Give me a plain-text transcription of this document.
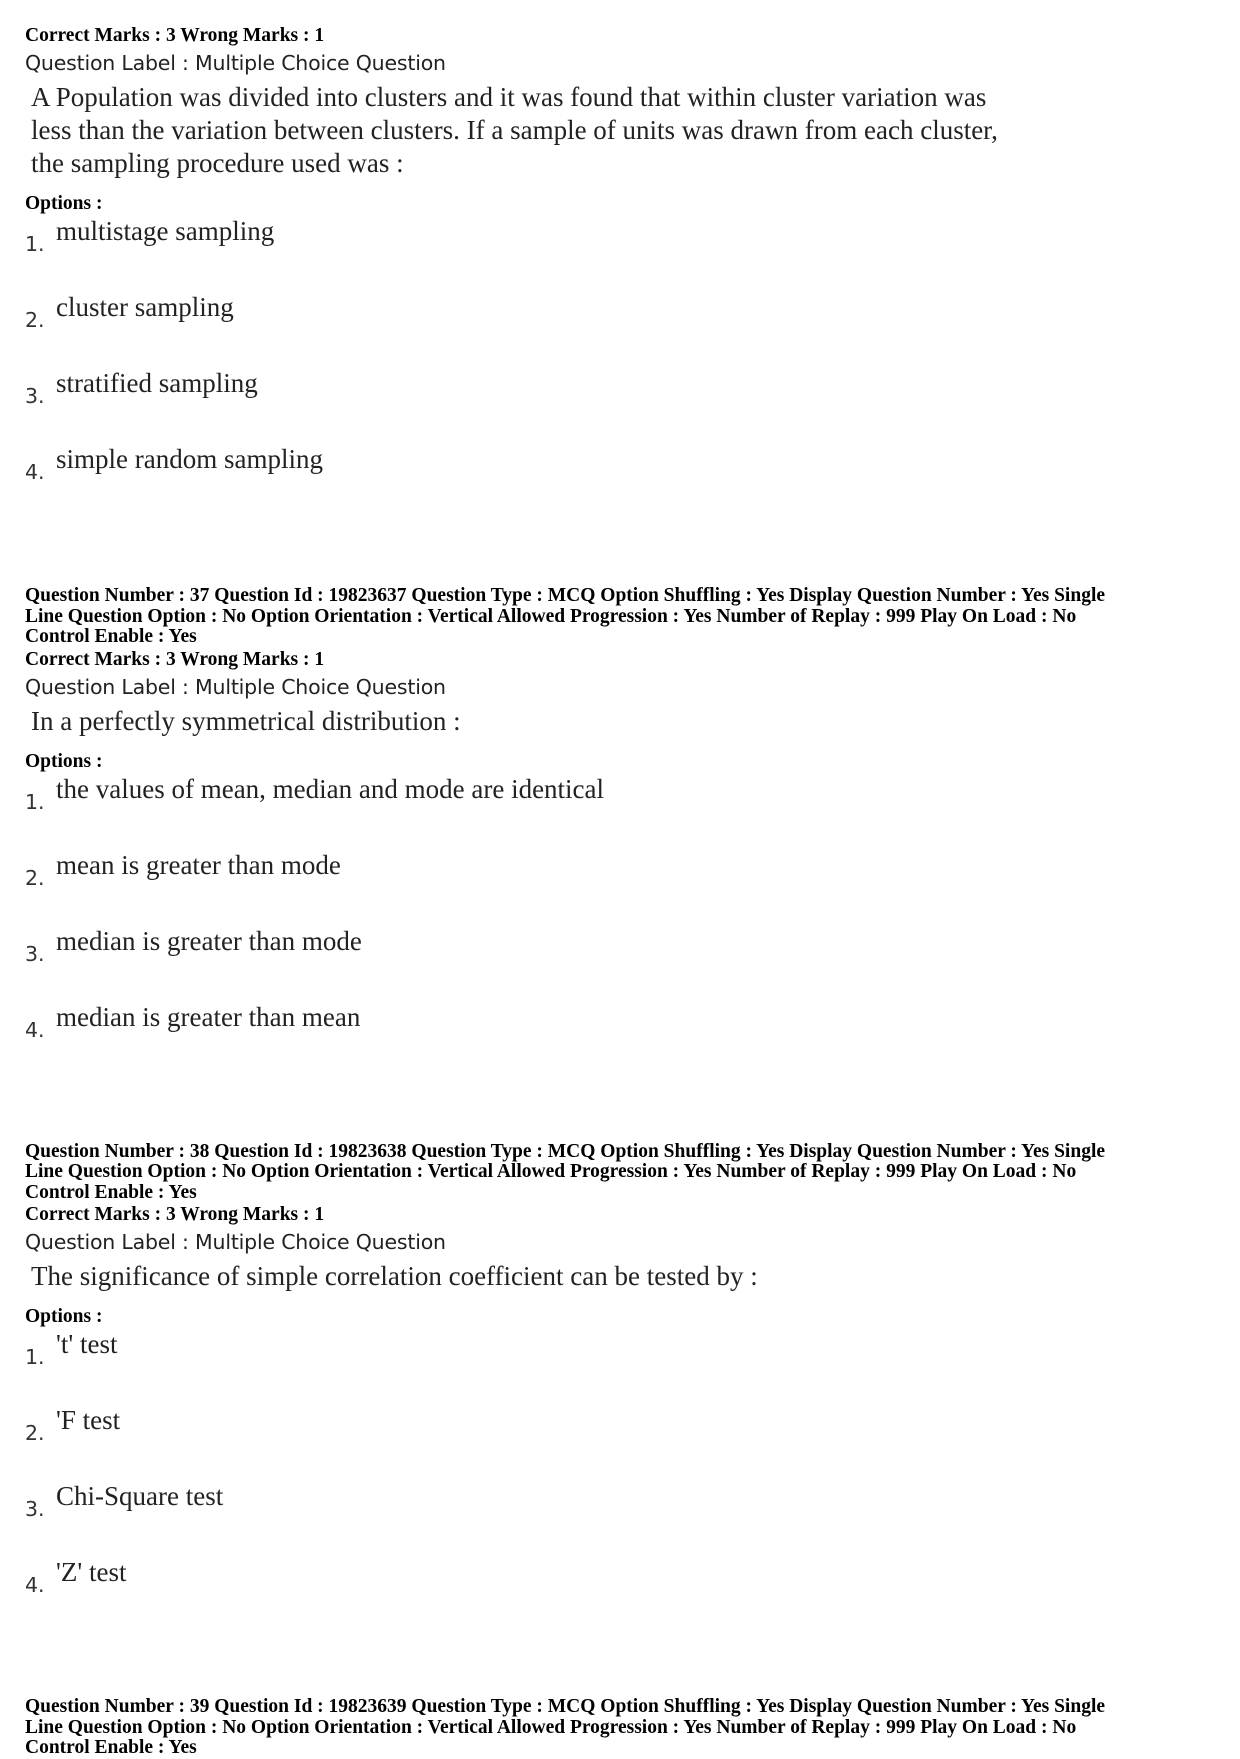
Correct Marks : 3 Wrong Marks : 1
Question Label : Multiple Choice Question
A Population was divided into clusters and it was found that within cluster variation was
less than the variation between clusters. If a sample of units was drawn from each cluster,
the sampling procedure used was :
Options :
1. multistage sampling
2. cluster sampling
3. stratified sampling
4. simple random sampling
Question Number : 37 Question Id : 19823637 Question Type : MCQ Option Shuffling : Yes Display Question Number : Yes Single
Line Question Option : No Option Orientation : Vertical Allowed Progression : Yes Number of Replay : 999 Play On Load : No
Control Enable : Yes
Correct Marks : 3 Wrong Marks : 1
Question Label : Multiple Choice Question
In a perfectly symmetrical distribution :
Options :
1. the values of mean, median and mode are identical
2. mean is greater than mode
3. median is greater than mode
4. median is greater than mean
Question Number : 38 Question Id : 19823638 Question Type : MCQ Option Shuffling : Yes Display Question Number : Yes Single
Line Question Option : No Option Orientation : Vertical Allowed Progression : Yes Number of Replay : 999 Play On Load : No
Control Enable : Yes
Correct Marks : 3 Wrong Marks : 1
Question Label : Multiple Choice Question
The significance of simple correlation coefficient can be tested by :
Options :
1. 't' test
2. 'F test
3. Chi-Square test
4. 'Z' test
Question Number : 39 Question Id : 19823639 Question Type : MCQ Option Shuffling : Yes Display Question Number : Yes Single
Line Question Option : No Option Orientation : Vertical Allowed Progression : Yes Number of Replay : 999 Play On Load : No
Control Enable : Yes
